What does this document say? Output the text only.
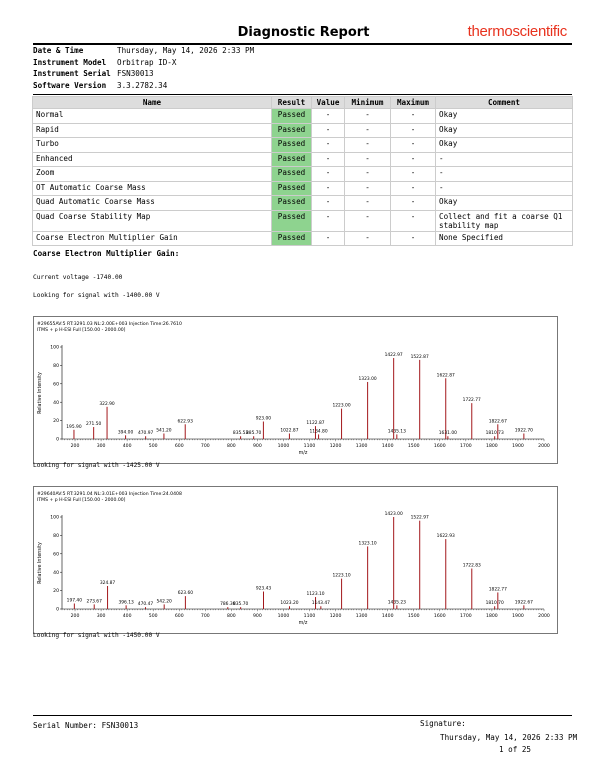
Diagnostic Report	thermoscientific
Date & Time	Thursday, May 14, 2026 2:33 PM
Instrument Model Orbitrap ID-X
Instrument Serial FSN30013
Software Version 3.3.2782.34
Name	Result	Value	Minimum	Maximum	Comment
Normal	Passed	-	-	-	Okay
Rapid	Passed	-	-	-	Okay
Turbo	Passed	-	-	-	Okay
Enhanced	Passed	-	-	-	-
Zoom	Passed	-	-	-	-
OT Automatic Coarse Mass	Passed	-	-	-	-
Quad Automatic Coarse Mass	Passed	-	-	-	Okay
Quad Coarse Stability Map	Passed	-	-	-	Collect and fit a coarse Q1 stability map
Coarse Electron Multiplier Gain	Passed	-	-	-	None Specified
Coarse Electron Multiplier Gain:
Current voltage -1740.00
Looking for signal with -1400.00 V
#29655AV:5 RT:3291.03 NL:2.00E+003 Injection Time:26.7610
ITMS + p H-ESI Full [150.00 - 2000.00]
Relative Intensity
0
20
40
60
80
100
200	300	400	500	600	700	800	900	1000	1100	1200	1300	1400	1500	1600	1700	1800	1900	2000
m/z
195.90
271.50
322.90
394.00 470.97
541.20
622.93
835.53
885.70
923.00
1022.87
1122.87
1134.80
1223.00
1323.00
1422.97
1435.13
1522.87
1622.87
1631.00
1722.77
1810.73
1822.67
1922.70
Looking for signal with -1425.00 V
#29640AV:5 RT:3291.04 NL:3.01E+003 Injection Time:24.0408
ITMS + p H-ESI Full [150.00 - 2000.00]
Relative Intensity
0
20
40
60
80
100
200	300	400	500	600	700	800	900	1000	1100	1200	1300	1400	1500	1600	1700	1800	1900	2000
m/z
197.40 273.67
324.87
396.13 470.47
542.20
623.60
786.30
835.70
923.43
1023.20
1123.10
1143.47
1223.10
1323.10
1423.00
1435.23
1522.97
1622.93
1722.83
1810.70
1822.77
1922.67
Looking for signal with -1450.00 V
Serial Number: FSN30013	Signature:
Thursday, May 14, 2026 2:33 PM
1 of 25
